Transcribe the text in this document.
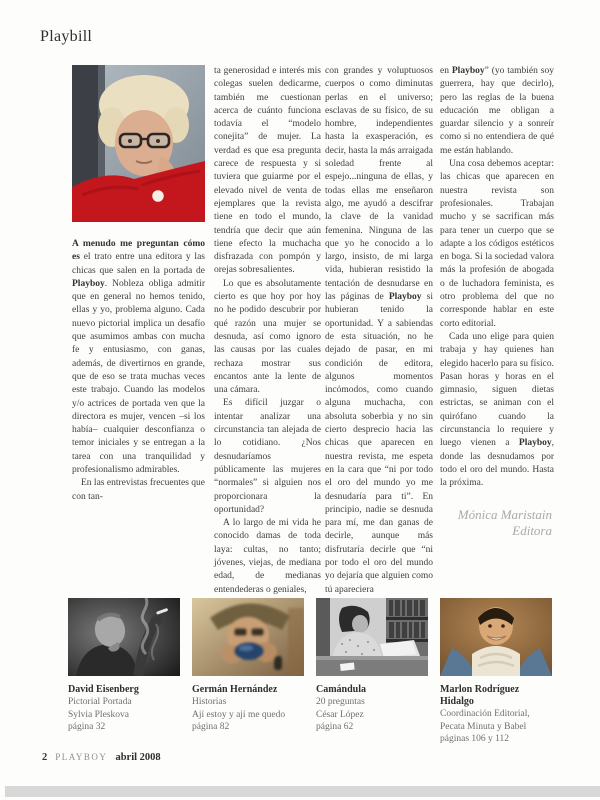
Playbill

A menudo me preguntan cómo es el trato entre una editora y las chicas que salen en la portada de Playboy. Nobleza obliga admitir que en general no hemos tenido, ellas y yo, problema alguno. Cada nuevo pictorial implica un desafío que asumimos ambas con mucha fe y entusiasmo, con ganas, además, de divertirnos en grande, que de eso se trata muchas veces este trabajo. Cuando las modelos y/o actrices de portada ven que la directora es mujer, vencen –si los había– cualquier desconfianza o temor iniciales y se entregan a la tarea con una tranquilidad y profesionalismo admirables.

En las entrevistas frecuentes que con tan-

ta generosidad e interés mis colegas suelen dedicarme, también me cuestionan acerca de cuánto funciona todavía el “modelo conejita” de mujer. La verdad es que esa pregunta carece de respuesta y si tuviera que guiarme por el elevado nivel de venta de ejemplares que la revista tiene en todo el mundo, tendría que decir que aún tiene efecto la muchacha disfrazada con pompón y orejas sobresalientes.

Lo que es absolutamente cierto es que hoy por hoy no he podido descubrir por qué razón una mujer se desnuda, así como ignoro las causas por las cuales rechaza mostrar sus encantos ante la lente de una cámara.

Es difícil juzgar o intentar analizar una circunstancia tan alejada de lo cotidiano. ¿Nos desnudaríamos públicamente las mujeres “normales” si alguien nos proporcionara la oportunidad?

A lo largo de mi vida he conocido damas de toda laya: cultas, no tanto; jóvenes, viejas, de mediana edad, de medianas entendederas o geniales,

con grandes y voluptuosos cuerpos o como diminutas perlas en el universo; esclavas de su físico, de su hombre, independientes hasta la exasperación, es decir, hasta la más arraigada soledad frente al espejo...ninguna de ellas, y todas ellas me enseñaron algo, me ayudó a descifrar la clave de la vanidad femenina. Ninguna de las que yo he conocido a lo largo, insisto, de mi larga vida, hubieran resistido la tentación de desnudarse en las páginas de Playboy si hubieran tenido la oportunidad. Y a sabiendas de esta situación, no he dejado de pasar, en mi condición de editora, algunos momentos incómodos, como cuando alguna muchacha, con absoluta soberbia y no sin cierto desprecio hacia las chicas que aparecen en nuestra revista, me espeta en la cara que “ni por todo el oro del mundo yo me desnudaría para ti”. En principio, nadie se desnuda para mí, me dan ganas de decirle, aunque más disfrutaría decirle que “ni por todo el oro del mundo yo dejaría que alguien como tú apareciera

en Playboy” (yo también soy guerrera, hay que decirlo), pero las reglas de la buena educación me obligan a guardar silencio y a sonreír como si no entendiera de qué me están hablando.

Una cosa debemos aceptar: las chicas que aparecen en nuestra revista son profesionales. Trabajan mucho y se sacrifican más para tener un cuerpo que se adapte a los códigos estéticos en boga. Si la sociedad valora más la profesión de abogada o de luchadora feminista, es otro problema del que no corresponde hablar en este corto editorial.

Cada uno elige para quien trabaja y hay quienes han elegido hacerlo para su físico. Pasan horas y horas en el gimnasio, siguen dietas estrictas, se animan con el quirófano cuando la circunstancia lo requiere y luego vienen a Playboy, donde las desnudamos por todo el oro del mundo. Hasta la próxima.

Mónica Maristain
Editora
David Eisenberg
Pictorial Portada
Sylvia Pleskova
página 32
Germán Hernández
Historias
Ají estoy y ají me quedo
página 82
Camándula
20 preguntas
César López
página 62
Marlon Rodríguez Hidalgo
Coordinación Editorial,
Pecata Minuta y Babel
páginas 106 y 112
2 PLAYBOY abril 2008
